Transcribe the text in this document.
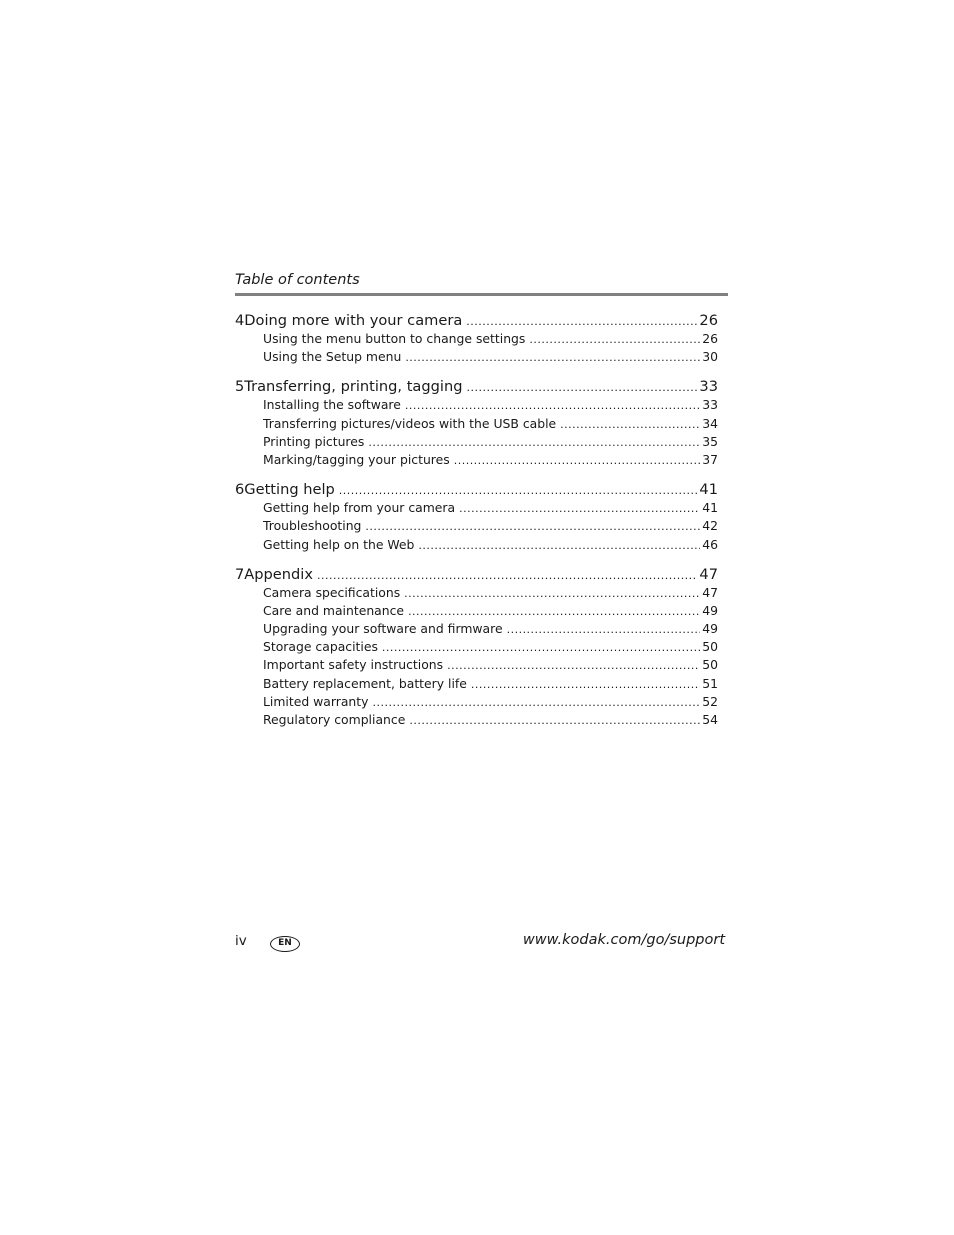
Table of contents
4 Doing more with your camera .....	26
Using the menu button to change settings .....	26
Using the Setup menu .....	30
5 Transferring, printing, tagging .....	33
Installing the software .....	33
Transferring pictures/videos with the USB cable .....	34
Printing pictures .....	35
Marking/tagging your pictures .....	37
6 Getting help .....	41
Getting help from your camera .....	41
Troubleshooting .....	42
Getting help on the Web .....	46
7 Appendix .....	47
Camera specifications .....	47
Care and maintenance .....	49
Upgrading your software and firmware .....	49
Storage capacities .....	50
Important safety instructions .....	50
Battery replacement, battery life .....	51
Limited warranty .....	52
Regulatory compliance .....	54
iv	EN	www.kodak.com/go/support
